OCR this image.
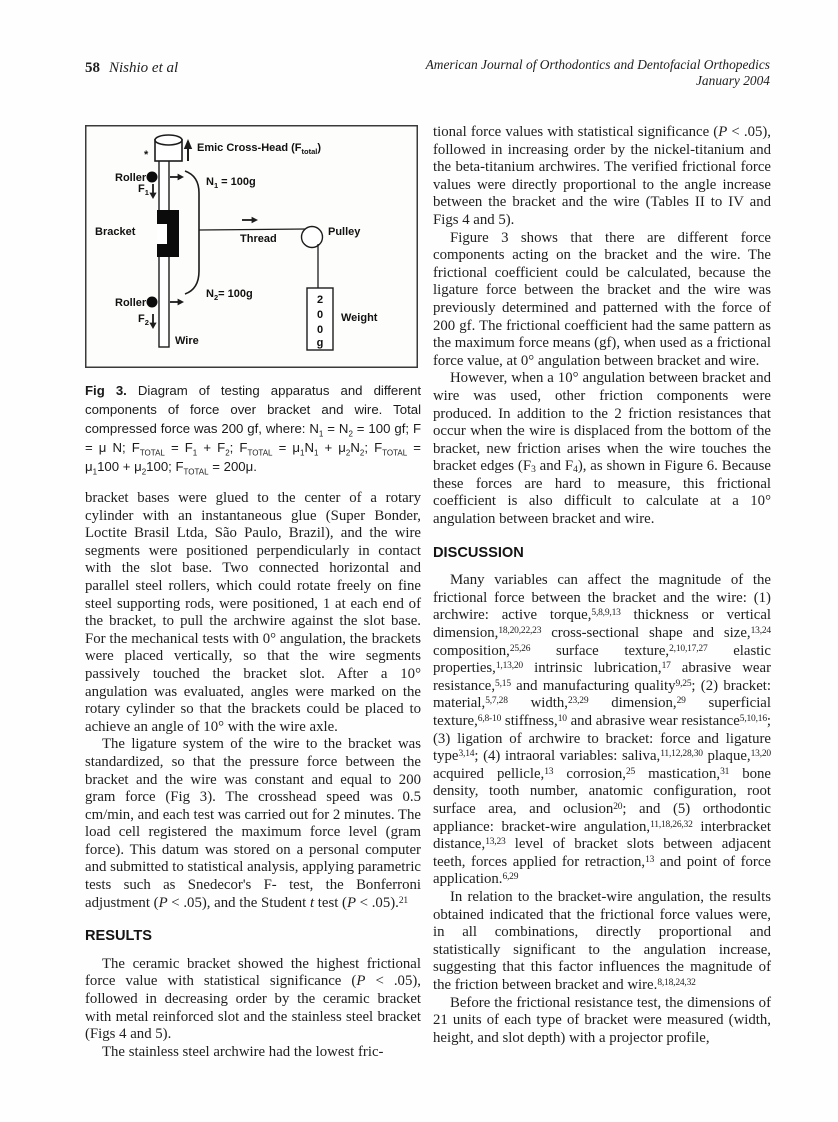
58 Nishio et al	American Journal of Orthodontics and Dentofacial Orthopedics
January 2004
*
Emic Cross-Head $(F_{total})$
Roller
$F_1$
$N_1 = 100g$
Bracket
Thread
Pulley
2
0
0
g
Weight
$N_2= 100g$
Roller
$F_2$
Wire
Fig 3. Diagram of testing apparatus and different components of force over bracket and wire. Total compressed force was 200 gf, where: $N_1 = N_2 = 100$ gf; F = μ N; $F_{TOTAL} = F_1 + F_2$; $F_{TOTAL} = \mu_1N_1 + \mu_2N_2$; $F_{TOTAL} = \mu_1100 + \mu_2100$; $F_{TOTAL} = 200\mu$.

bracket bases were glued to the center of a rotary cylinder with an instantaneous glue (Super Bonder, Loctite Brasil Ltda, São Paulo, Brazil), and the wire segments were positioned perpendicularly in contact with the slot base. Two connected horizontal and parallel steel rollers, which could rotate freely on fine steel supporting rods, were positioned, 1 at each end of the bracket, to pull the archwire against the slot base. For the mechanical tests with 0° angulation, the brackets were placed vertically, so that the wire segments passively touched the bracket slot. After a 10° angulation was evaluated, angles were marked on the rotary cylinder so that the brackets could be placed to achieve an angle of 10° with the wire axle.

The ligature system of the wire to the bracket was standardized, so that the pressure force between the bracket and the wire was constant and equal to 200 gram force (Fig 3). The crosshead speed was 0.5 cm/min, and each test was carried out for 2 minutes. The load cell registered the maximum force level (gram force). This datum was stored on a personal computer and submitted to statistical analysis, applying parametric tests such as Snedecor's F- test, the Bonferroni adjustment (P < .05), and the Student t test (P < .05).$^{21}$

RESULTS

The ceramic bracket showed the highest frictional force value with statistical significance (P < .05), followed in decreasing order by the ceramic bracket with metal reinforced slot and the stainless steel bracket (Figs 4 and 5).

The stainless steel archwire had the lowest fric-

tional force values with statistical significance (P < .05), followed in increasing order by the nickel-titanium and the beta-titanium archwires. The verified frictional force values were directly proportional to the angle increase between the bracket and the wire (Tables II to IV and Figs 4 and 5).

Figure 3 shows that there are different force components acting on the bracket and the wire. The frictional coefficient could be calculated, because the ligature force between the bracket and the wire was previously determined and patterned with the force of 200 gf. The frictional coefficient had the same pattern as the maximum force means (gf), when used as a frictional force value, at 0° angulation between bracket and wire.

However, when a 10° angulation between bracket and wire was used, other friction components were produced. In addition to the 2 friction resistances that occur when the wire is displaced from the bottom of the bracket, new friction arises when the wire touches the bracket edges ($F_3$ and $F_4$), as shown in Figure 6. Because these forces are hard to measure, this frictional coefficient is also difficult to calculate at a 10° angulation between bracket and wire.

DISCUSSION

Many variables can affect the magnitude of the frictional force between the bracket and the wire: (1) archwire: active torque,$^{5,8,9,13}$ thickness or vertical dimension,$^{18,20,22,23}$ cross-sectional shape and size,$^{13,24}$ composition,$^{25,26}$ surface texture,$^{2,10,17,27}$ elastic properties,$^{1,13,20}$ intrinsic lubrication,$^{17}$ abrasive wear resistance,$^{5,15}$ and manufacturing quality$^{9,25}$; (2) bracket: material,$^{5,7,28}$ width,$^{23,29}$ dimension,$^{29}$ superficial texture,$^{6,8-10}$ stiffness,$^{10}$ and abrasive wear resistance$^{5,10,16}$; (3) ligation of archwire to bracket: force and ligature type$^{3,14}$; (4) intraoral variables: saliva,$^{11,12,28,30}$ plaque,$^{13,20}$ acquired pellicle,$^{13}$ corrosion,$^{25}$ mastication,$^{31}$ bone density, tooth number, anatomic configuration, root surface area, and oclusion$^{20}$; and (5) orthodontic appliance: bracket-wire angulation,$^{11,18,26,32}$ interbracket distance,$^{13,23}$ level of bracket slots between adjacent teeth, forces applied for retraction,$^{13}$ and point of force application.$^{6,29}$

In relation to the bracket-wire angulation, the results obtained indicated that the frictional force values were, in all combinations, directly proportional and statistically significant to the angulation increase, suggesting that this factor influences the magnitude of the friction between bracket and wire.$^{8,18,24,32}$

Before the frictional resistance test, the dimensions of 21 units of each type of bracket were measured (width, height, and slot depth) with a projector profile,
